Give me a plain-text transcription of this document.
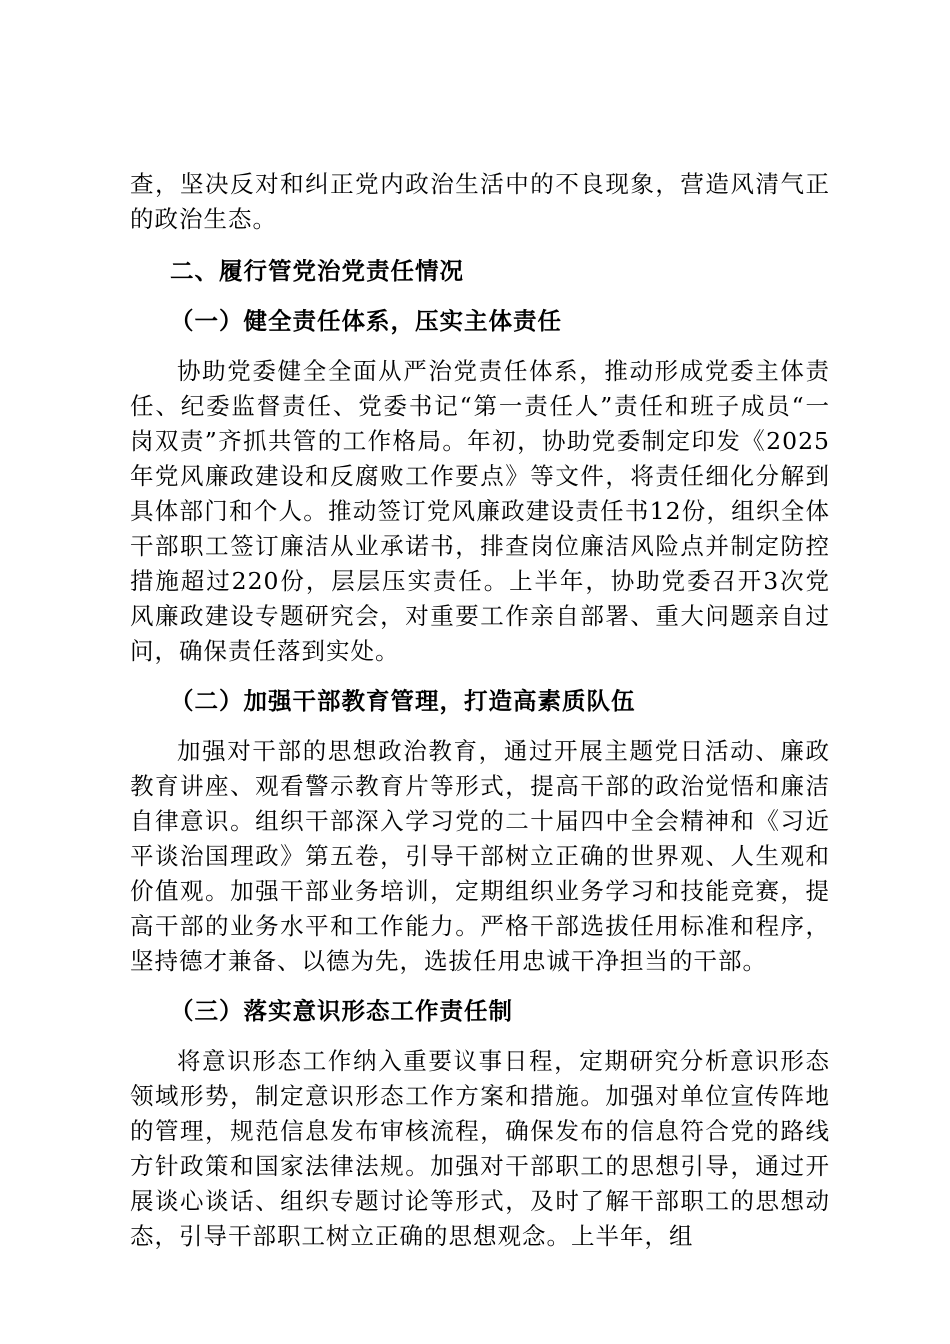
查，坚决反对和纠正党内政治生活中的不良现象，营造风清气正的政治生态。

二、履行管党治党责任情况
（一）健全责任体系，压实主体责任

协助党委健全全面从严治党责任体系，推动形成党委主体责任、纪委监督责任、党委书记“第一责任人”责任和班子成员“一岗双责”齐抓共管的工作格局。年初，协助党委制定印发《2025年党风廉政建设和反腐败工作要点》等文件，将责任细化分解到具体部门和个人。推动签订党风廉政建设责任书12份，组织全体干部职工签订廉洁从业承诺书，排查岗位廉洁风险点并制定防控措施超过220份，层层压实责任。上半年，协助党委召开3次党风廉政建设专题研究会，对重要工作亲自部署、重大问题亲自过问，确保责任落到实处。

（二）加强干部教育管理，打造高素质队伍

加强对干部的思想政治教育，通过开展主题党日活动、廉政教育讲座、观看警示教育片等形式，提高干部的政治觉悟和廉洁自律意识。组织干部深入学习党的二十届四中全会精神和《习近平谈治国理政》第五卷，引导干部树立正确的世界观、人生观和价值观。加强干部业务培训，定期组织业务学习和技能竞赛，提高干部的业务水平和工作能力。严格干部选拔任用标准和程序，坚持德才兼备、以德为先，选拔任用忠诚干净担当的干部。

（三）落实意识形态工作责任制

将意识形态工作纳入重要议事日程，定期研究分析意识形态领域形势，制定意识形态工作方案和措施。加强对单位宣传阵地的管理，规范信息发布审核流程，确保发布的信息符合党的路线方针政策和国家法律法规。加强对干部职工的思想引导，通过开展谈心谈话、组织专题讨论等形式，及时了解干部职工的思想动态，引导干部职工树立正确的思想观念。上半年，组
